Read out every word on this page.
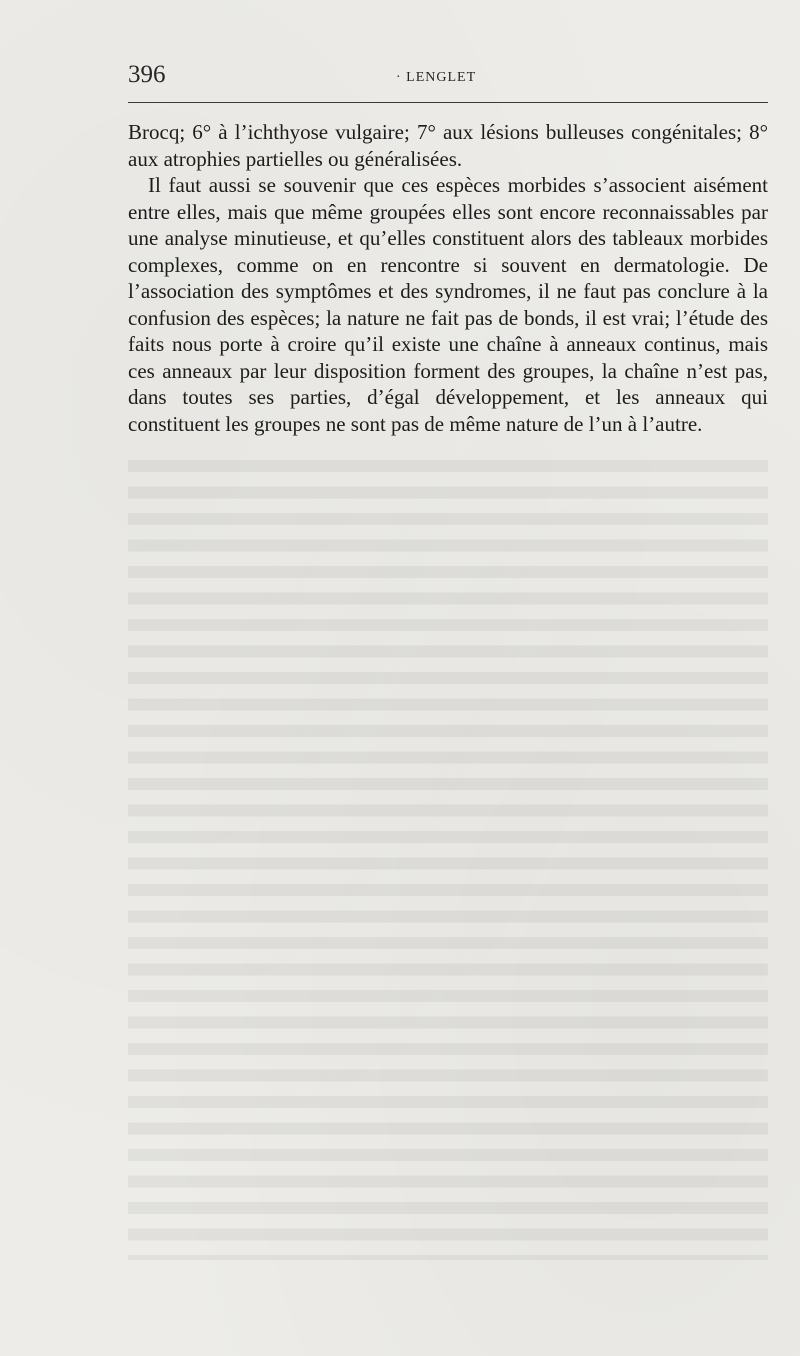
396	· LENGLET

Brocq; 6° à l’ichthyose vulgaire; 7° aux lésions bulleuses congénitales; 8° aux atrophies partielles ou généralisées.

Il faut aussi se souvenir que ces espèces morbides s’associent aisément entre elles, mais que même groupées elles sont encore reconnaissables par une analyse minutieuse, et qu’elles constituent alors des tableaux morbides complexes, comme on en rencontre si souvent en dermatologie. De l’association des symptômes et des syndromes, il ne faut pas conclure à la confusion des espèces; la nature ne fait pas de bonds, il est vrai; l’étude des faits nous porte à croire qu’il existe une chaîne à anneaux continus, mais ces anneaux par leur disposition forment des groupes, la chaîne n’est pas, dans toutes ses parties, d’égal développement, et les anneaux qui constituent les groupes ne sont pas de même nature de l’un à l’autre.
